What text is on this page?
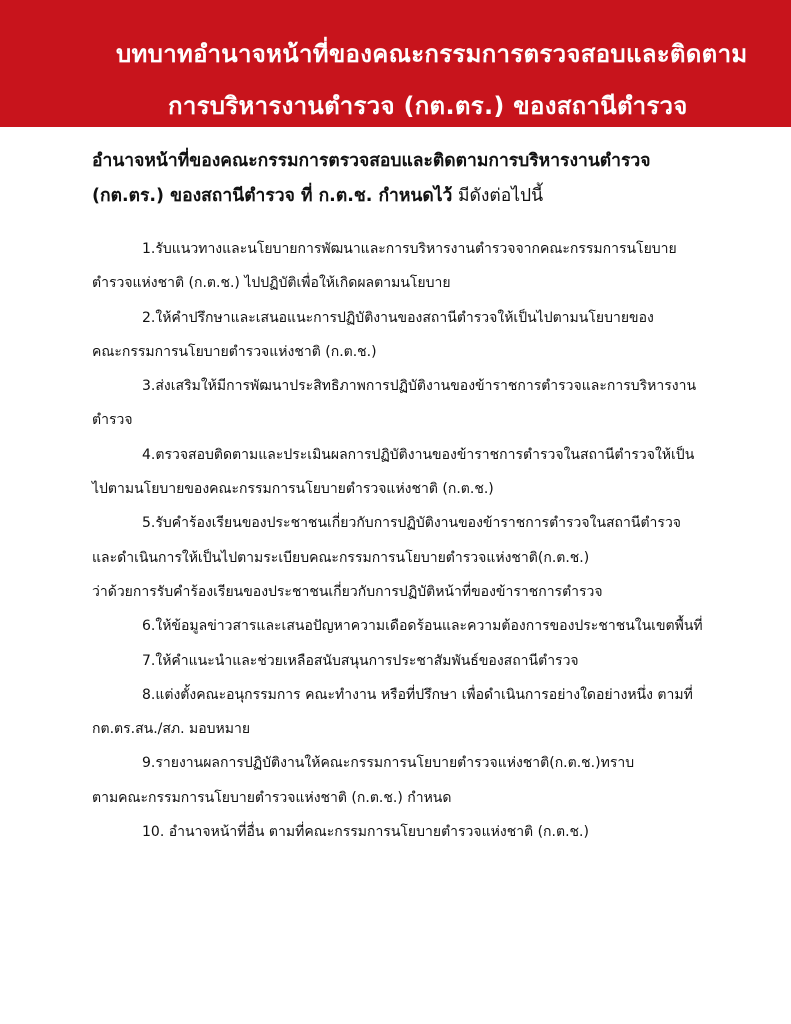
บทบาทอำนาจหน้าที่ของคณะกรรมการตรวจสอบและติดตาม
การบริหารงานตำรวจ (กต.ตร.) ของสถานีตำรวจ
อำนาจหน้าที่ของคณะกรรมการตรวจสอบและติดตามการบริหารงานตำรวจ
(กต.ตร.) ของสถานีตำรวจ ที่ ก.ต.ช. กำหนดไว้ มีดังต่อไปนี้
1.รับแนวทางและนโยบายการพัฒนาและการบริหารงานตำรวจจากคณะกรรมการนโยบาย
ตำรวจแห่งชาติ (ก.ต.ช.) ไปปฏิบัติเพื่อให้เกิดผลตามนโยบาย
2.ให้คำปรึกษาและเสนอแนะการปฏิบัติงานของสถานีตำรวจให้เป็นไปตามนโยบายของ
คณะกรรมการนโยบายตำรวจแห่งชาติ (ก.ต.ช.)
3.ส่งเสริมให้มีการพัฒนาประสิทธิภาพการปฏิบัติงานของข้าราชการตำรวจและการบริหารงานตำรวจ
4.ตรวจสอบติดตามและประเมินผลการปฏิบัติงานของข้าราชการตำรวจในสถานีตำรวจให้เป็น
ไปตามนโยบายของคณะกรรมการนโยบายตำรวจแห่งชาติ (ก.ต.ช.)
5.รับคำร้องเรียนของประชาชนเกี่ยวกับการปฏิบัติงานของข้าราชการตำรวจในสถานีตำรวจ
และดำเนินการให้เป็นไปตามระเบียบคณะกรรมการนโยบายตำรวจแห่งชาติ(ก.ต.ช.)
ว่าด้วยการรับคำร้องเรียนของประชาชนเกี่ยวกับการปฏิบัติหน้าที่ของข้าราชการตำรวจ
6.ให้ข้อมูลข่าวสารและเสนอปัญหาความเดือดร้อนและความต้องการของประชาชนในเขตพื้นที่
7.ให้คำแนะนำและช่วยเหลือสนับสนุนการประชาสัมพันธ์ของสถานีตำรวจ
8.แต่งตั้งคณะอนุกรรมการ คณะทำงาน หรือที่ปรึกษา เพื่อดำเนินการอย่างใดอย่างหนึ่ง ตามที่
กต.ตร.สน./สภ. มอบหมาย
9.รายงานผลการปฏิบัติงานให้คณะกรรมการนโยบายตำรวจแห่งชาติ(ก.ต.ช.)ทราบ
ตามคณะกรรมการนโยบายตำรวจแห่งชาติ (ก.ต.ช.) กำหนด
10. อำนาจหน้าที่อื่น ตามที่คณะกรรมการนโยบายตำรวจแห่งชาติ (ก.ต.ช.)
